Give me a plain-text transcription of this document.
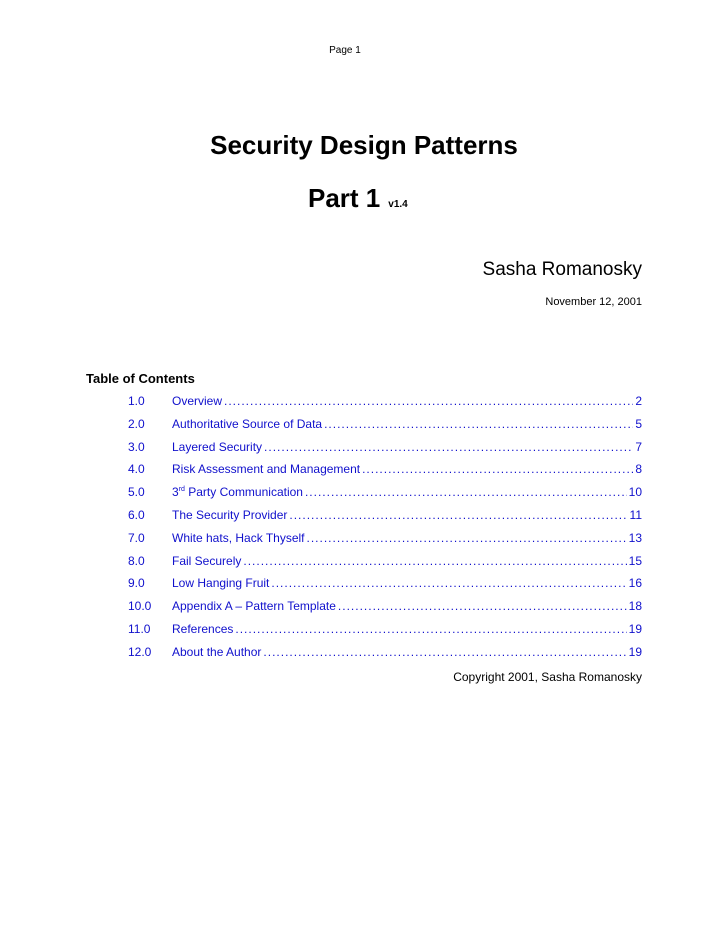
Page 1
Security Design Patterns
Part 1 v1.4
Sasha Romanosky
November 12, 2001
Table of Contents
1.0	Overview .....	2
2.0	Authoritative Source of Data .....	5
3.0	Layered Security .....	7
4.0	Risk Assessment and Management .....	8
5.0	3rd Party Communication .....	10
6.0	The Security Provider .....	11
7.0	White hats, Hack Thyself .....	13
8.0	Fail Securely .....	15
9.0	Low Hanging Fruit .....	16
10.0	Appendix A – Pattern Template .....	18
11.0	References .....	19
12.0	About the Author .....	19
Copyright 2001, Sasha Romanosky
